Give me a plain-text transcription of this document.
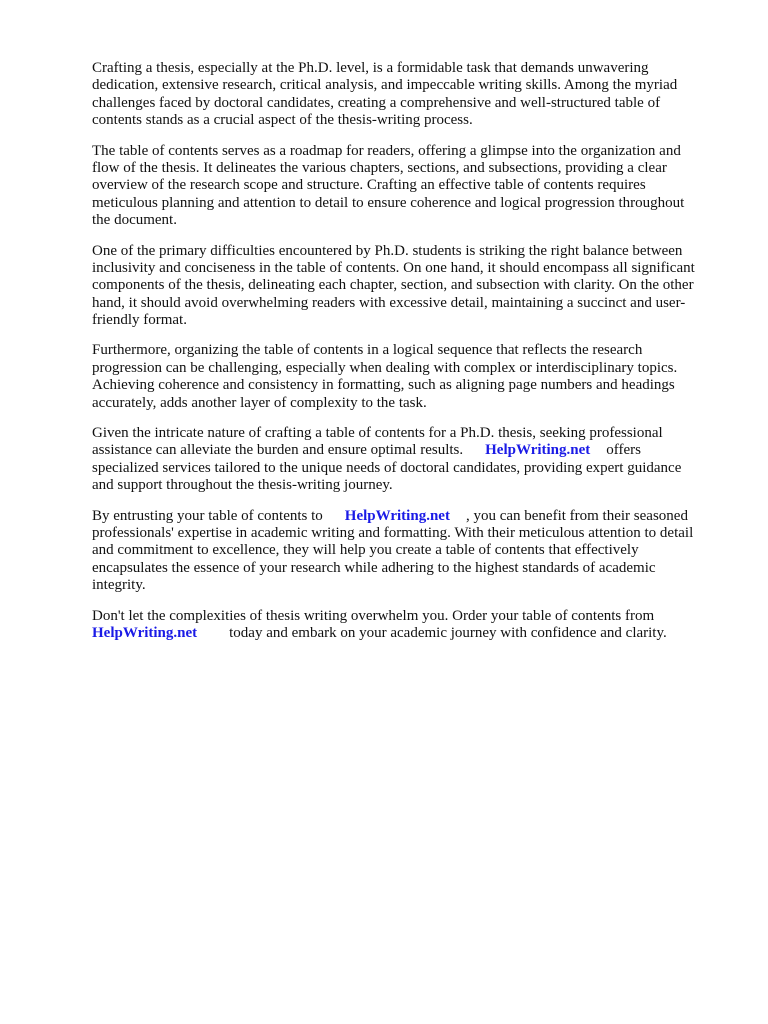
Crafting a thesis, especially at the Ph.D. level, is a formidable task that demands unwavering
dedication, extensive research, critical analysis, and impeccable writing skills. Among the myriad
challenges faced by doctoral candidates, creating a comprehensive and well-structured table of
contents stands as a crucial aspect of the thesis-writing process.

The table of contents serves as a roadmap for readers, offering a glimpse into the organization and
flow of the thesis. It delineates the various chapters, sections, and subsections, providing a clear
overview of the research scope and structure. Crafting an effective table of contents requires
meticulous planning and attention to detail to ensure coherence and logical progression throughout
the document.

One of the primary difficulties encountered by Ph.D. students is striking the right balance between
inclusivity and conciseness in the table of contents. On one hand, it should encompass all significant
components of the thesis, delineating each chapter, section, and subsection with clarity. On the other
hand, it should avoid overwhelming readers with excessive detail, maintaining a succinct and user-
friendly format.

Furthermore, organizing the table of contents in a logical sequence that reflects the research
progression can be challenging, especially when dealing with complex or interdisciplinary topics.
Achieving coherence and consistency in formatting, such as aligning page numbers and headings
accurately, adds another layer of complexity to the task.

Given the intricate nature of crafting a table of contents for a Ph.D. thesis, seeking professional
assistance can alleviate the burden and ensure optimal results. HelpWriting.net offers
specialized services tailored to the unique needs of doctoral candidates, providing expert guidance
and support throughout the thesis-writing journey.

By entrusting your table of contents to HelpWriting.net , you can benefit from their seasoned
professionals' expertise in academic writing and formatting. With their meticulous attention to detail
and commitment to excellence, they will help you create a table of contents that effectively
encapsulates the essence of your research while adhering to the highest standards of academic
integrity.

Don't let the complexities of thesis writing overwhelm you. Order your table of contents from
HelpWriting.net today and embark on your academic journey with confidence and clarity.
